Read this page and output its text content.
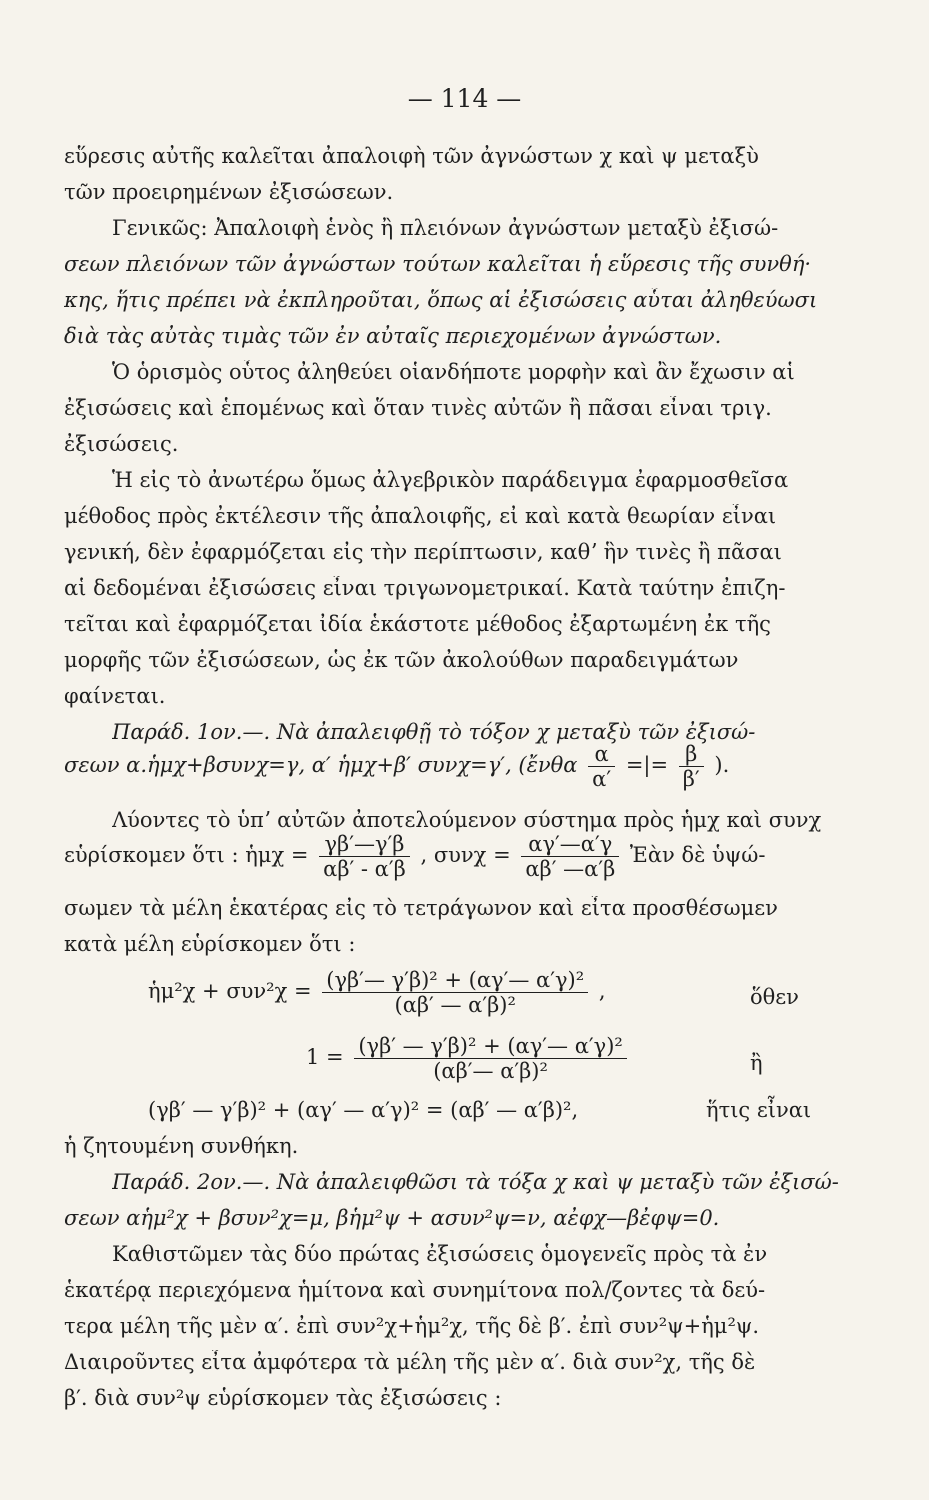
— 114 —
εὕρεσις αὐτῆς καλεῖται ἀπαλοιφὴ τῶν ἀγνώστων χ καὶ ψ μεταξὺ
τῶν προειρημένων ἐξισώσεων.
Γενικῶς: Ἀπαλοιφὴ ἑνὸς ἢ πλειόνων ἀγνώστων μεταξὺ ἐξισώ-
σεων πλειόνων τῶν ἀγνώστων τούτων καλεῖται ἡ εὕρεσις τῆς συνθή·
κης, ἥτις πρέπει νὰ ἐκπληροῦται, ὅπως αἱ ἐξισώσεις αὗται ἀληθεύωσι
διὰ τὰς αὐτὰς τιμὰς τῶν ἐν αὐταῖς περιεχομένων ἀγνώστων.
Ὁ ὁρισμὸς οὗτος ἀληθεύει οἱανδήποτε μορφὴν καὶ ἂν ἔχωσιν αἱ
ἐξισώσεις καὶ ἑπομένως καὶ ὅταν τινὲς αὐτῶν ἢ πᾶσαι εἶναι τριγ.
ἐξισώσεις.
Ἡ εἰς τὸ ἀνωτέρω ὅμως ἀλγεβρικὸν παράδειγμα ἐφαρμοσθεῖσα
μέθοδος πρὸς ἐκτέλεσιν τῆς ἀπαλοιφῆς, εἰ καὶ κατὰ θεωρίαν εἶναι
γενική, δὲν ἐφαρμόζεται εἰς τὴν περίπτωσιν, καθʼ ἣν τινὲς ἢ πᾶσαι
αἱ δεδομέναι ἐξισώσεις εἶναι τριγωνομετρικαί. Κατὰ ταύτην ἐπιζη-
τεῖται καὶ ἐφαρμόζεται ἰδία ἑκάστοτε μέθοδος ἐξαρτωμένη ἐκ τῆς
μορφῆς τῶν ἐξισώσεων, ὡς ἐκ τῶν ἀκολούθων παραδειγμάτων
φαίνεται.
Παράδ. 1ον.—. Νὰ ἀπαλειφθῇ τὸ τόξον χ μεταξὺ τῶν ἐξισώ-
σεων α.ἡμχ+βσυνχ=γ, α′ ἡμχ+β′ συνχ=γ′, (ἔνθα $\frac{\alpha}{\alpha'}$ =|= $\frac{\beta}{\beta'}$ ).
Λύοντες τὸ ὑπʼ αὐτῶν ἀποτελούμενον σύστημα πρὸς ἡμχ καὶ συνχ
εὑρίσκομεν ὅτι : ἡμχ = $\frac{\gamma\beta'—\gamma'\beta}{\alpha\beta' - \alpha'\beta}$ , $\sigma\upsilon\nu\chi = \frac{\alpha\gamma'—\alpha'\gamma}{\alpha\beta' —\alpha'\beta}$ Ἐὰν δὲ ὑψώ-
σωμεν τὰ μέλη ἑκατέρας εἰς τὸ τετράγωνον καὶ εἶτα προσθέσωμεν
κατὰ μέλη εὑρίσκομεν ὅτι :
ἡμ²χ + $\sigma\upsilon\nu^2\chi = \frac{\text{(γβ′— γ′β)² + (αγ′— α′γ)²}}{\text{(αβ′ — α′β)²}}$ ,	ὅθεν
$1 = \frac{\text{(γβ′ — γ′β)² + (αγ′— α′γ)²}}{\text{(αβ′— α′β)²}}$	ἢ
(γβ′ — γ′β)² + (αγ′ — α′γ)² = (αβ′ — α′β)²,	ἥτις εἶναι
ἡ ζητουμένη συνθήκη.
Παράδ. 2ον.—. Νὰ ἀπαλειφθῶσι τὰ τόξα χ καὶ ψ μεταξὺ τῶν ἐξισώ-
σεων αἡμ²χ + βσυν²χ=μ, βἡμ²ψ + ασυν²ψ=ν, αἐφχ—βἐφψ=0.
Καθιστῶμεν τὰς δύο πρώτας ἐξισώσεις ὁμογενεῖς πρὸς τὰ ἐν
ἑκατέρᾳ περιεχόμενα ἡμίτονα καὶ συνημίτονα πολ/ζοντες τὰ δεύ-
τερα μέλη τῆς μὲν α′. ἐπὶ συν²χ+ἡμ²χ, τῆς δὲ β′. ἐπὶ συν²ψ+ἡμ²ψ.
Διαιροῦντες εἶτα ἀμφότερα τὰ μέλη τῆς μὲν α′. διὰ συν²χ, τῆς δὲ
β′. διὰ συν²ψ εὑρίσκομεν τὰς ἐξισώσεις :
